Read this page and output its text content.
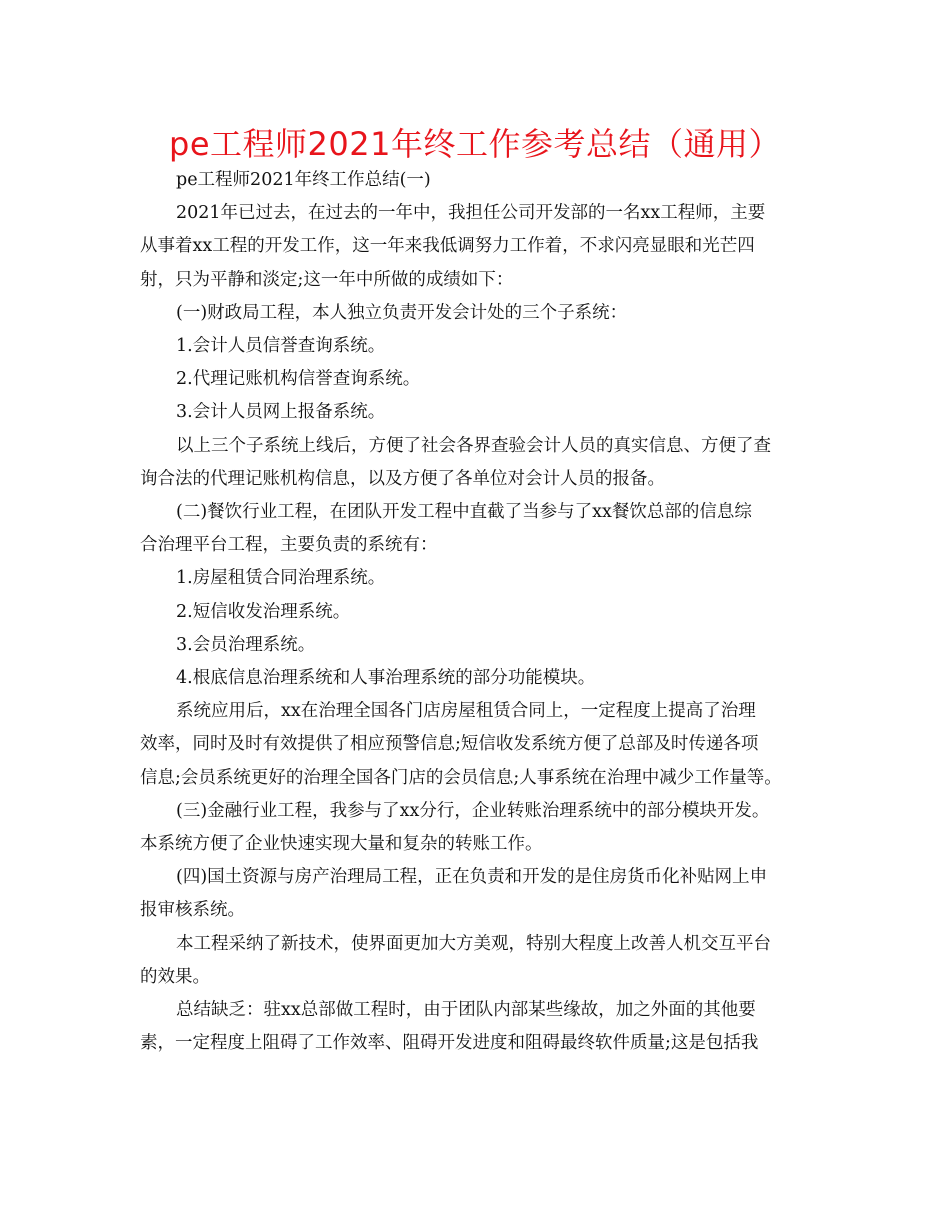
pe工程师2021年终工作参考总结（通用）
pe工程师2021年终工作总结(一)
2021年已过去，在过去的一年中，我担任公司开发部的一名xx工程师，主要
从事着xx工程的开发工作，这一年来我低调努力工作着，不求闪亮显眼和光芒四
射，只为平静和淡定;这一年中所做的成绩如下：
(一)财政局工程，本人独立负责开发会计处的三个子系统：
1.会计人员信誉查询系统。
2.代理记账机构信誉查询系统。
3.会计人员网上报备系统。
以上三个子系统上线后，方便了社会各界查验会计人员的真实信息、方便了查
询合法的代理记账机构信息，以及方便了各单位对会计人员的报备。
(二)餐饮行业工程，在团队开发工程中直截了当参与了xx餐饮总部的信息综
合治理平台工程，主要负责的系统有：
1.房屋租赁合同治理系统。
2.短信收发治理系统。
3.会员治理系统。
4.根底信息治理系统和人事治理系统的部分功能模块。
系统应用后，xx在治理全国各门店房屋租赁合同上，一定程度上提高了治理
效率，同时及时有效提供了相应预警信息;短信收发系统方便了总部及时传递各项
信息;会员系统更好的治理全国各门店的会员信息;人事系统在治理中减少工作量等。
(三)金融行业工程，我参与了xx分行，企业转账治理系统中的部分模块开发。
本系统方便了企业快速实现大量和复杂的转账工作。
(四)国土资源与房产治理局工程，正在负责和开发的是住房货币化补贴网上申
报审核系统。
本工程采纳了新技术，使界面更加大方美观，特别大程度上改善人机交互平台
的效果。
总结缺乏：驻xx总部做工程时，由于团队内部某些缘故，加之外面的其他要
素，一定程度上阻碍了工作效率、阻碍开发进度和阻碍最终软件质量;这是包括我
